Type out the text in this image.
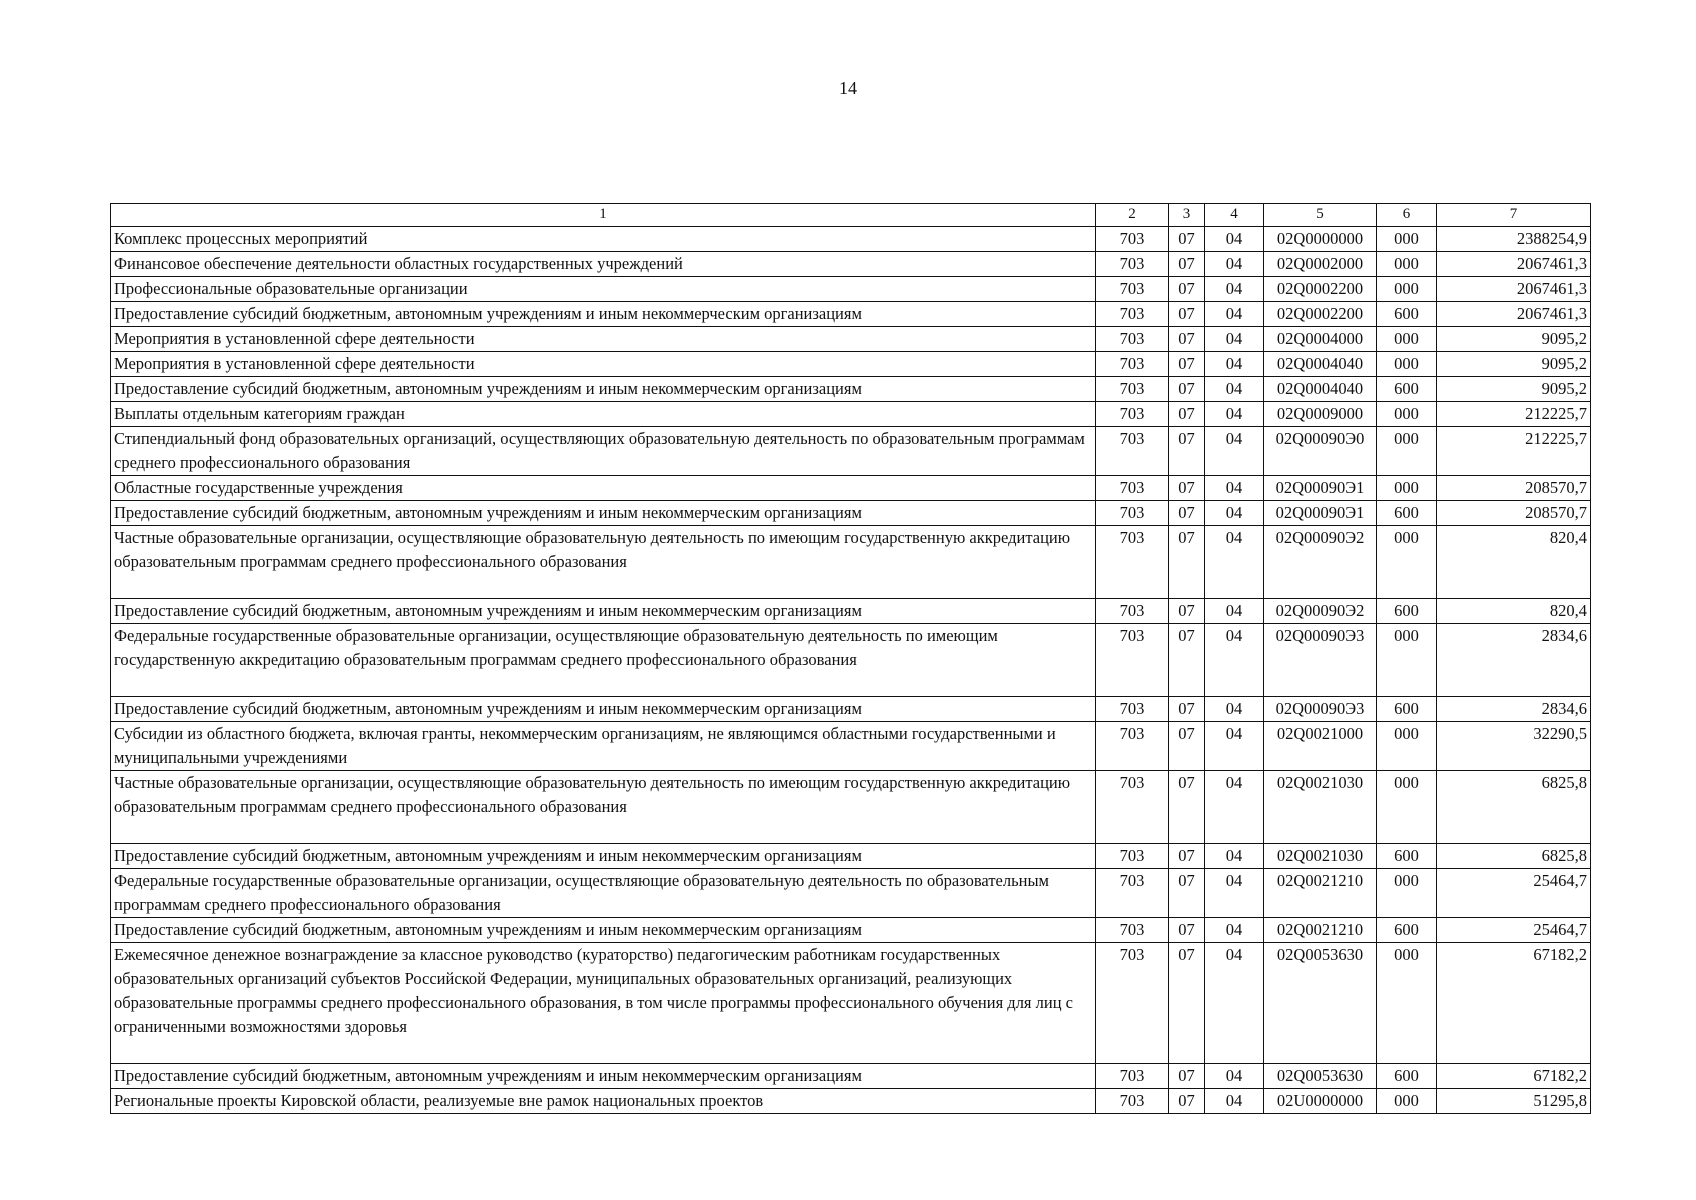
14
1	2	3	4	5	6	7
Комплекс процессных мероприятий	703	07	04	02Q0000000	000	2388254,9
Финансовое обеспечение деятельности областных государственных учреждений	703	07	04	02Q0002000	000	2067461,3
Профессиональные образовательные организации	703	07	04	02Q0002200	000	2067461,3
Предоставление субсидий бюджетным, автономным учреждениям и иным некоммерческим организациям	703	07	04	02Q0002200	600	2067461,3
Мероприятия в установленной сфере деятельности	703	07	04	02Q0004000	000	9095,2
Мероприятия в установленной сфере деятельности	703	07	04	02Q0004040	000	9095,2
Предоставление субсидий бюджетным, автономным учреждениям и иным некоммерческим организациям	703	07	04	02Q0004040	600	9095,2
Выплаты отдельным категориям граждан	703	07	04	02Q0009000	000	212225,7
Стипендиальный фонд образовательных организаций, осуществляющих образовательную деятельность по образовательным программам среднего профессионального образования	703	07	04	02Q00090Э0	000	212225,7
Областные государственные учреждения	703	07	04	02Q00090Э1	000	208570,7
Предоставление субсидий бюджетным, автономным учреждениям и иным некоммерческим организациям	703	07	04	02Q00090Э1	600	208570,7
Частные образовательные организации, осуществляющие образовательную деятельность по имеющим государственную аккредитацию образовательным программам среднего профессионального образования	703	07	04	02Q00090Э2	000	820,4
Предоставление субсидий бюджетным, автономным учреждениям и иным некоммерческим организациям	703	07	04	02Q00090Э2	600	820,4
Федеральные государственные образовательные организации, осуществляющие образовательную деятельность по имеющим государственную аккредитацию образовательным программам среднего профессионального образования	703	07	04	02Q00090Э3	000	2834,6
Предоставление субсидий бюджетным, автономным учреждениям и иным некоммерческим организациям	703	07	04	02Q00090Э3	600	2834,6
Субсидии из областного бюджета, включая гранты, некоммерческим организациям, не являющимся областными государственными и муниципальными учреждениями	703	07	04	02Q0021000	000	32290,5
Частные образовательные организации, осуществляющие образовательную деятельность по имеющим государственную аккредитацию образовательным программам среднего профессионального образования	703	07	04	02Q0021030	000	6825,8
Предоставление субсидий бюджетным, автономным учреждениям и иным некоммерческим организациям	703	07	04	02Q0021030	600	6825,8
Федеральные государственные образовательные организации, осуществляющие образовательную деятельность по образовательным программам среднего профессионального образования	703	07	04	02Q0021210	000	25464,7
Предоставление субсидий бюджетным, автономным учреждениям и иным некоммерческим организациям	703	07	04	02Q0021210	600	25464,7
Ежемесячное денежное вознаграждение за классное руководство (кураторство) педагогическим работникам государственных образовательных организаций субъектов Российской Федерации, муниципальных образовательных организаций, реализующих образовательные программы среднего профессионального образования, в том числе программы профессионального обучения для лиц с ограниченными возможностями здоровья	703	07	04	02Q0053630	000	67182,2
Предоставление субсидий бюджетным, автономным учреждениям и иным некоммерческим организациям	703	07	04	02Q0053630	600	67182,2
Региональные проекты Кировской области, реализуемые вне рамок национальных проектов	703	07	04	02U0000000	000	51295,8
